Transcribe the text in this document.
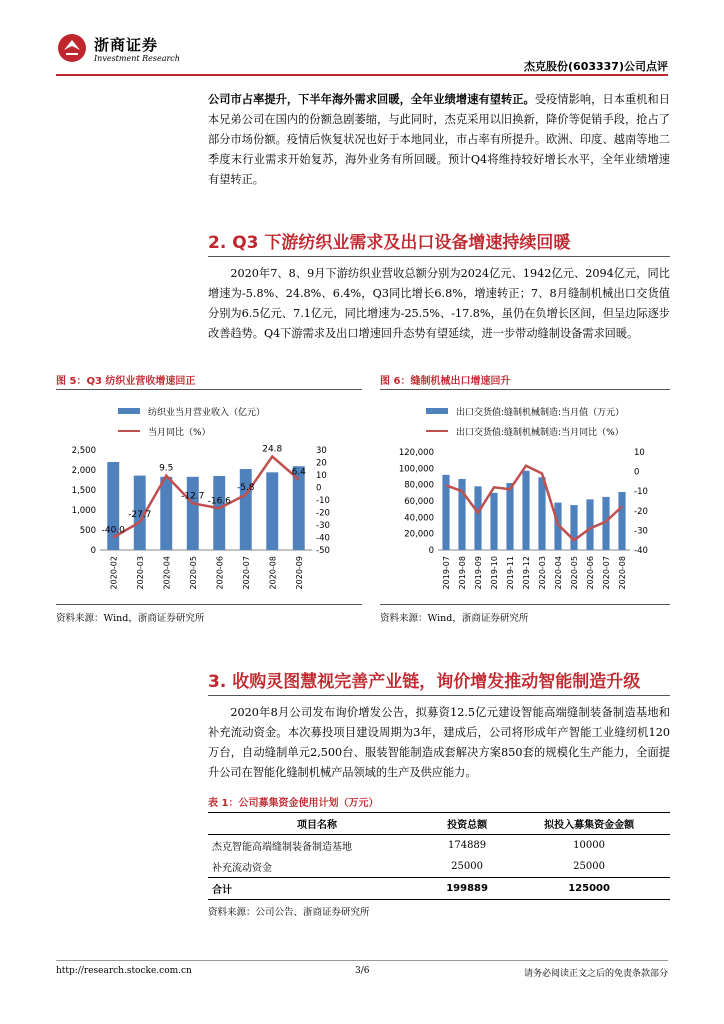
浙商证券
Investment Research
杰克股份(603337)公司点评
公司市占率提升，下半年海外需求回暖，全年业绩增速有望转正。受疫情影响，日本重机和日本兄弟公司在国内的份额急剧萎缩，与此同时，杰克采用以旧换新，降价等促销手段，抢占了部分市场份额。疫情后恢复状况也好于本地同业，市占率有所提升。欧洲、印度、越南等地二季度末行业需求开始复苏，海外业务有所回暖。预计Q4将维持较好增长水平，全年业绩增速有望转正。
2. Q3 下游纺织业需求及出口设备增速持续回暖
2020年7、8、9月下游纺织业营收总额分别为2024亿元、1942亿元、2094亿元，同比增速为-5.8%、24.8%、6.4%，Q3同比增长6.8%，增速转正；7、8月缝制机械出口交货值分别为6.5亿元、7.1亿元，同比增速为-25.5%、-17.8%，虽仍在负增长区间，但呈边际逐步改善趋势。Q4下游需求及出口增速回升态势有望延续，进一步带动缝制设备需求回暖。
图 5：Q3 纺织业营收增速回正
纺织业当月营业收入（亿元）
当月同比（%）
0
500
1,000
1,500
2,000
2,500
-50
-40
-30
-20
-10
0
10
20
30
2020-02 2020-03 2020-04 2020-05 2020-06 2020-07 2020-08 2020-09
-40.0
-27.7
9.5
-12.7 -16.6
-5.8
24.8
6.4
资料来源：Wind，浙商证券研究所
图 6：缝制机械出口增速回升
出口交货值:缝制机械制造:当月值（万元）
出口交货值:缝制机械制造:当月同比（%）
0
20,000
40,000
60,000
80,000
100,000
120,000
-40
-30
-20
-10
0
10
2019-07 2019-08 2019-09 2019-10 2019-11 2019-12 2020-03 2020-04 2020-05 2020-06 2020-07 2020-08
资料来源：Wind，浙商证券研究所
3. 收购灵图慧视完善产业链，询价增发推动智能制造升级
2020年8月公司发布询价增发公告，拟募资12.5亿元建设智能高端缝制装备制造基地和补充流动资金。本次募投项目建设周期为3年，建成后，公司将形成年产智能工业缝纫机120万台，自动缝制单元2,500台、服装智能制造成套解决方案850套的规模化生产能力，全面提升公司在智能化缝制机械产品领域的生产及供应能力。
表 1：公司募集资金使用计划（万元）
项目名称	投资总额	拟投入募集资金金额
杰克智能高端缝制装备制造基地	174889	10000
补充流动资金	25000	25000
合计	199889	125000
资料来源：公司公告、浙商证券研究所
http://research.stocke.com.cn	3/6	请务必阅读正文之后的免责条款部分
